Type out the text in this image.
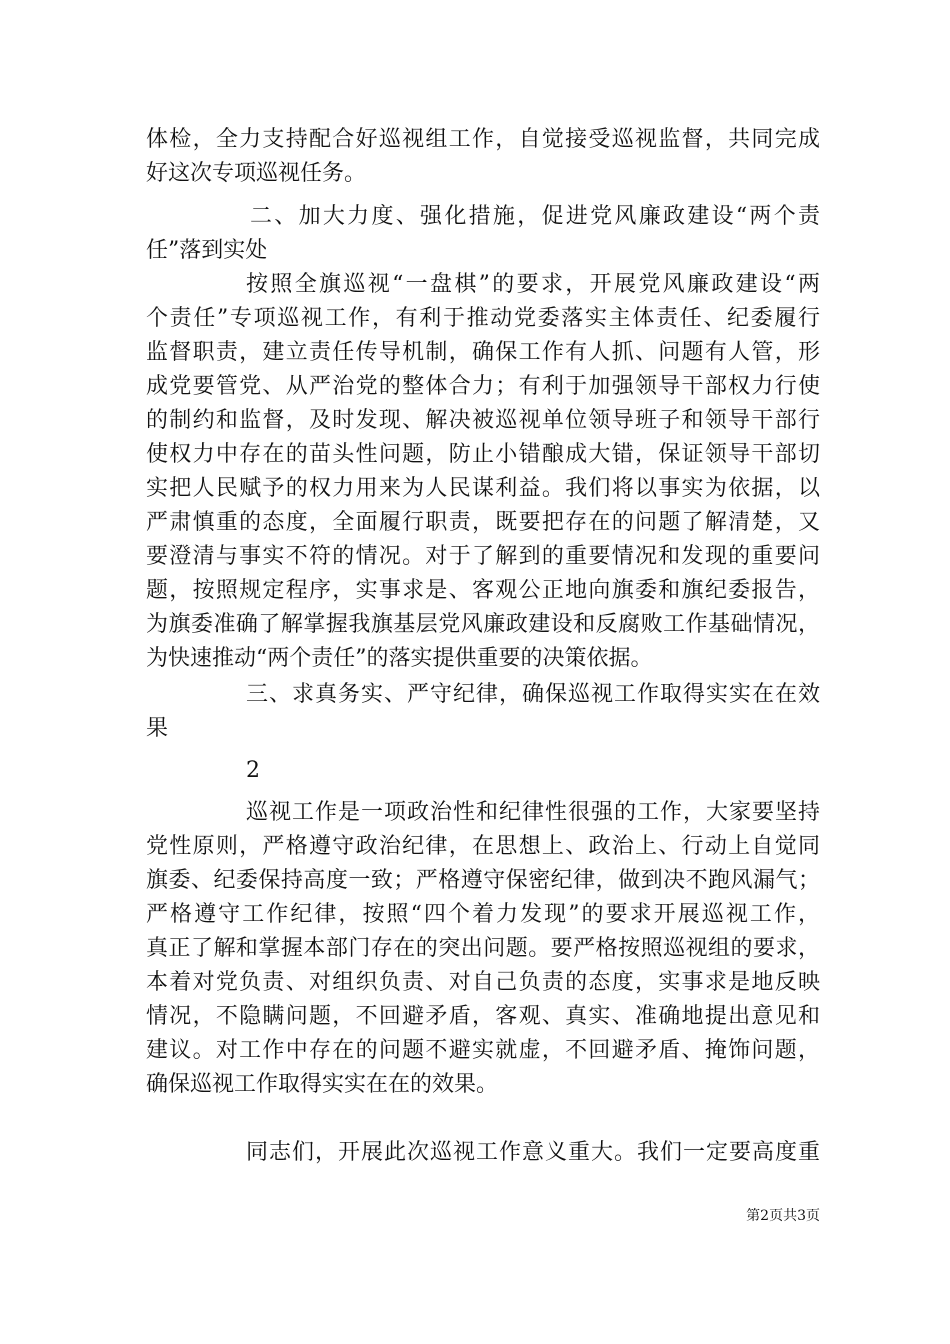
体检，全力支持配合好巡视组工作，自觉接受巡视监督，共同完成
好这次专项巡视任务。
二、加大力度、强化措施，促进党风廉政建设“两个责
任”落到实处
按照全旗巡视“一盘棋”的要求，开展党风廉政建设“两
个责任”专项巡视工作，有利于推动党委落实主体责任、纪委履行
监督职责，建立责任传导机制，确保工作有人抓、问题有人管，形
成党要管党、从严治党的整体合力；有利于加强领导干部权力行使
的制约和监督，及时发现、解决被巡视单位领导班子和领导干部行
使权力中存在的苗头性问题，防止小错酿成大错，保证领导干部切
实把人民赋予的权力用来为人民谋利益。我们将以事实为依据，以
严肃慎重的态度，全面履行职责，既要把存在的问题了解清楚，又
要澄清与事实不符的情况。对于了解到的重要情况和发现的重要问
题，按照规定程序，实事求是、客观公正地向旗委和旗纪委报告，
为旗委准确了解掌握我旗基层党风廉政建设和反腐败工作基础情况，
为快速推动“两个责任”的落实提供重要的决策依据。
三、求真务实、严守纪律，确保巡视工作取得实实在在效
果
2
巡视工作是一项政治性和纪律性很强的工作，大家要坚持
党性原则，严格遵守政治纪律，在思想上、政治上、行动上自觉同
旗委、纪委保持高度一致；严格遵守保密纪律，做到决不跑风漏气；
严格遵守工作纪律，按照“四个着力发现”的要求开展巡视工作，
真正了解和掌握本部门存在的突出问题。要严格按照巡视组的要求，
本着对党负责、对组织负责、对自己负责的态度，实事求是地反映
情况，不隐瞒问题，不回避矛盾，客观、真实、准确地提出意见和
建议。对工作中存在的问题不避实就虚，不回避矛盾、掩饰问题，
确保巡视工作取得实实在在的效果。
同志们，开展此次巡视工作意义重大。我们一定要高度重
第2页共3页
